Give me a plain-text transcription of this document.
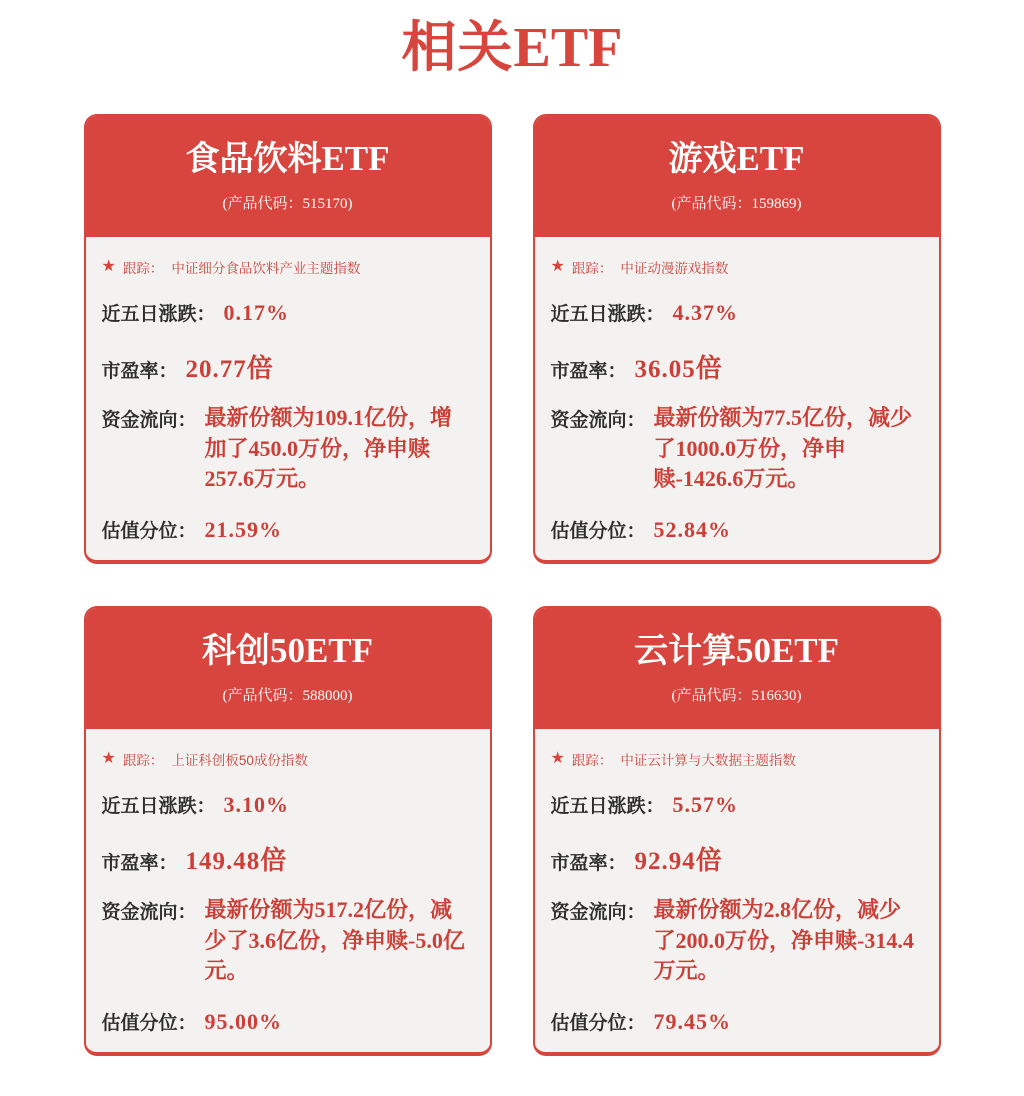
相关ETF
食品饮料ETF
(产品代码：515170)
★ 跟踪： 中证细分食品饮料产业主题指数
近五日涨跌： 0.17%
市盈率： 20.77 倍
资金流向： 最新份额为109.1亿份，增加了450.0万份，净申赎257.6万元。
估值分位： 21.59%
游戏ETF
(产品代码：159869)
★ 跟踪： 中证动漫游戏指数
近五日涨跌： 4.37%
市盈率： 36.05 倍
资金流向： 最新份额为77.5亿份，减少了1000.0万份，净申赎-1426.6万元。
估值分位： 52.84%
科创50ETF
(产品代码：588000)
★ 跟踪： 上证科创板50成份指数
近五日涨跌： 3.10%
市盈率： 149.48 倍
资金流向： 最新份额为517.2亿份，减少了3.6亿份，净申赎-5.0亿元。
估值分位： 95.00%
云计算50ETF
(产品代码：516630)
★ 跟踪： 中证云计算与大数据主题指数
近五日涨跌： 5.57%
市盈率： 92.94 倍
资金流向： 最新份额为2.8亿份，减少了200.0万份，净申赎-314.4万元。
估值分位： 79.45%
